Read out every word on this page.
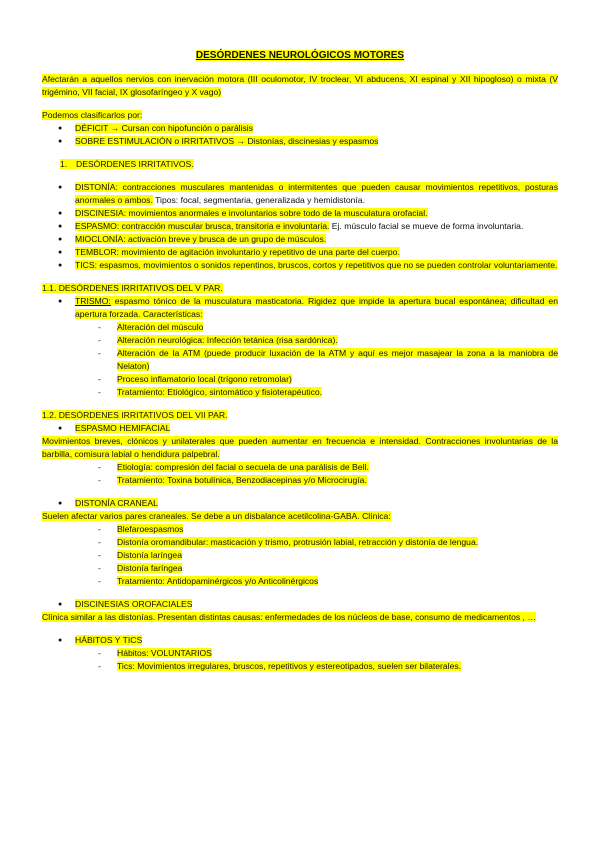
DESÓRDENES NEUROLÓGICOS MOTORES

Afectarán a aquellos nervios con inervación motora (III oculomotor, IV troclear, VI abducens, XI espinal y XII hipogloso) o mixta (V trigémino, VII facial, IX glosofaríngeo y X vago)

Podemos clasificarlos por:

● DÉFICIT → Cursan con hipofunción o parálisis
● SOBRE ESTIMULACIÓN o IRRITATIVOS → Distonías, discinesias y espasmos
1. DESÓRDENES IRRITATIVOS.
● DISTONÍA: contracciones musculares mantenidas o intermitentes que pueden causar movimientos repetitivos, posturas anormales o ambos. Tipos: focal, segmentaria, generalizada y hemidistonía.
● DISCINESIA: movimientos anormales e involuntarios sobre todo de la musculatura orofacial.
● ESPASMO: contracción muscular brusca, transitoria e involuntaria. Ej. músculo facial se mueve de forma involuntaria.
● MIOCLONÍA: activación breve y brusca de un grupo de músculos.
● TEMBLOR: movimiento de agitación involuntario y repetitivo de una parte del cuerpo.
● TICS: espasmos, movimientos o sonidos repentinos, bruscos, cortos y repetitivos que no se pueden controlar voluntariamente.
1.1. DESÓRDENES IRRITATIVOS DEL V PAR.
● TRISMO: espasmo tónico de la musculatura masticatoria. Rigidez que impide la apertura bucal espontánea; dificultad en apertura forzada. Características:
- Alteración del músculo
- Alteración neurológica: Infección tetánica (risa sardónica).
- Alteración de la ATM (puede producir luxación de la ATM y aquí es mejor masajear la zona a la maniobra de Nelaton)
- Proceso inflamatorio local (trígono retromolar)
- Tratamiento: Etiológico, sintomático y fisioterapéutico.
1.2. DESÓRDENES IRRITATIVOS DEL VII PAR.
● ESPASMO HEMIFACIAL

Movimientos breves, clónicos y unilaterales que pueden aumentar en frecuencia e intensidad. Contracciones involuntarias de la barbilla, comisura labial o hendidura palpebral.

- Etiología: compresión del facial o secuela de una parálisis de Bell.
- Tratamiento: Toxina botulínica, Benzodiacepinas y/o Microcirugía.
● DISTONÍA CRANEAL

Suelen afectar varios pares craneales. Se debe a un disbalance acetilcolina-GABA. Clínica:

- Blefaroespasmos
- Distonía oromandibular: masticación y trismo, protrusión labial, retracción y distonía de lengua.
- Distonía laríngea
- Distonía faríngea
- Tratamiento: Antidopaminérgicos y/o Anticolinérgicos
● DISCINESIAS OROFACIALES

Clínica similar a las distonías. Presentan distintas causas: enfermedades de los núcleos de base, consumo de medicamentos , …

● HÁBITOS Y TICS
- Hábitos: VOLUNTARIOS
- Tics: Movimientos irregulares, bruscos, repetitivos y estereotipados, suelen ser bilaterales.
